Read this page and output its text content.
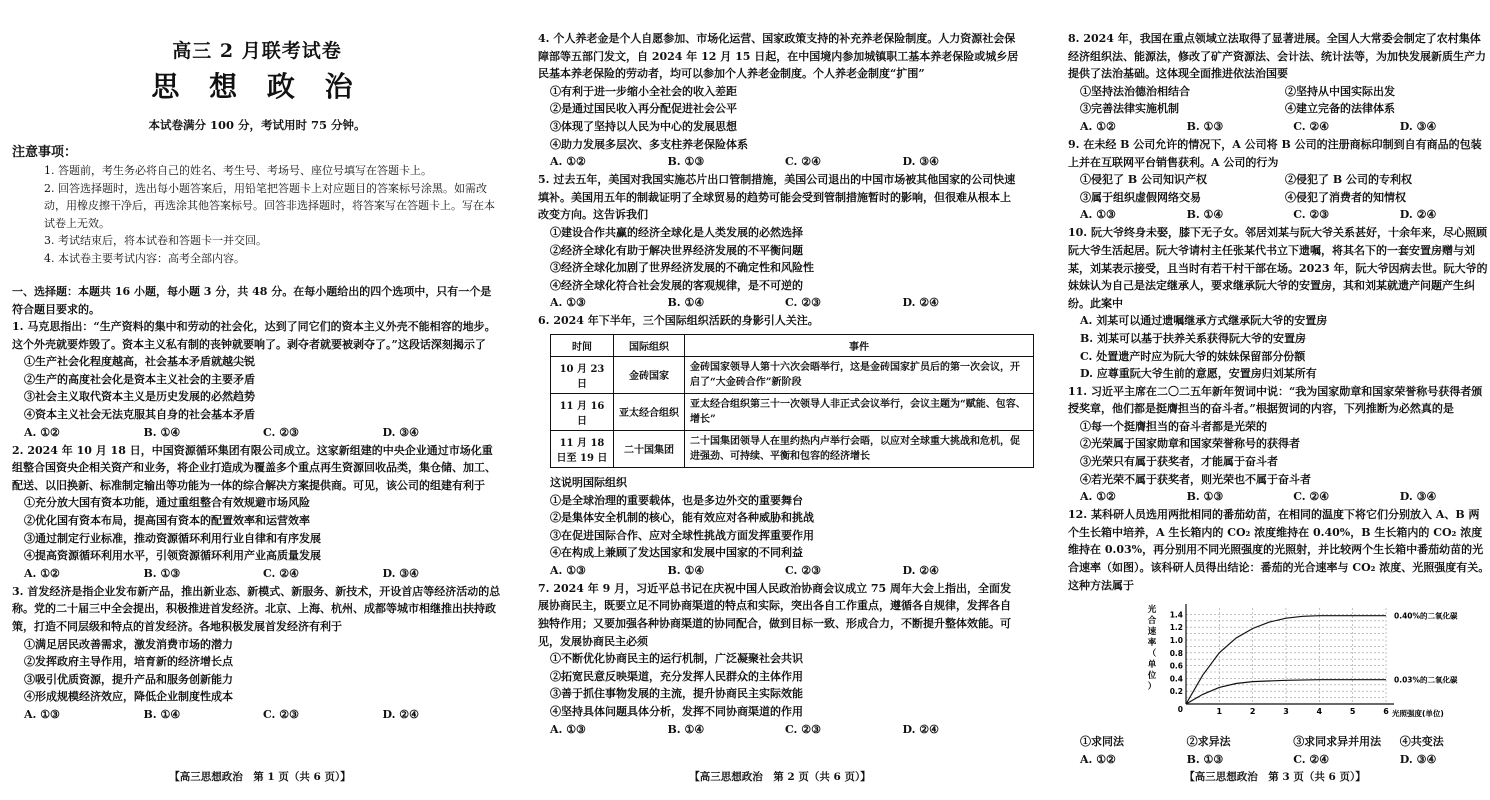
高三 2 月联考试卷
思 想 政 治
本试卷满分 100 分，考试用时 75 分钟。
注意事项：
1. 答题前，考生务必将自己的姓名、考生号、考场号、座位号填写在答题卡上。
2. 回答选择题时，选出每小题答案后，用铅笔把答题卡上对应题目的答案标号涂黑。如需改动，用橡皮擦干净后，再选涂其他答案标号。回答非选择题时，将答案写在答题卡上。写在本试卷上无效。
3. 考试结束后，将本试卷和答题卡一并交回。
4. 本试卷主要考试内容：高考全部内容。
一、选择题：本题共 16 小题，每小题 3 分，共 48 分。在每小题给出的四个选项中，只有一个是符合题目要求的。
1. 马克思指出：“生产资料的集中和劳动的社会化，达到了同它们的资本主义外壳不能相容的地步。这个外壳就要炸毁了。资本主义私有制的丧钟就要响了。剥夺者就要被剥夺了。”这段话深刻揭示了
①生产社会化程度越高，社会基本矛盾就越尖锐
②生产的高度社会化是资本主义社会的主要矛盾
③社会主义取代资本主义是历史发展的必然趋势
④资本主义社会无法克服其自身的社会基本矛盾
A. ①②	B. ①④	C. ②③	D. ③④
2. 2024 年 10 月 18 日，中国资源循环集团有限公司成立。这家新组建的中央企业通过市场化重组整合国资央企相关资产和业务，将企业打造成为覆盖多个重点再生资源回收品类，集仓储、加工、配送、以旧换新、标准制定输出等功能为一体的综合解决方案提供商。可见，该公司的组建有利于
①充分放大国有资本功能，通过重组整合有效规避市场风险
②优化国有资本布局，提高国有资本的配置效率和运营效率
③通过制定行业标准，推动资源循环利用行业自律和有序发展
④提高资源循环利用水平，引领资源循环利用产业高质量发展
A. ①②	B. ①③	C. ②④	D. ③④
3. 首发经济是指企业发布新产品，推出新业态、新模式、新服务、新技术，开设首店等经济活动的总称。党的二十届三中全会提出，积极推进首发经济。北京、上海、杭州、成都等城市相继推出扶持政策，打造不同层级和特点的首发经济。各地积极发展首发经济有利于
①满足居民改善需求，激发消费市场的潜力
②发挥政府主导作用，培育新的经济增长点
③吸引优质资源，提升产品和服务创新能力
④形成规模经济效应，降低企业制度性成本
A. ①③	B. ①④	C. ②③	D. ②④
【高三思想政治　第 1 页（共 6 页）】
4. 个人养老金是个人自愿参加、市场化运营、国家政策支持的补充养老保险制度。人力资源社会保障部等五部门发文，自 2024 年 12 月 15 日起，在中国境内参加城镇职工基本养老保险或城乡居民基本养老保险的劳动者，均可以参加个人养老金制度。个人养老金制度“扩围”
①有利于进一步缩小全社会的收入差距
②是通过国民收入再分配促进社会公平
③体现了坚持以人民为中心的发展思想
④助力发展多层次、多支柱养老保险体系
A. ①②	B. ①③	C. ②④	D. ③④
5. 过去五年，美国对我国实施芯片出口管制措施，美国公司退出的中国市场被其他国家的公司快速填补。美国用五年的制裁证明了全球贸易的趋势可能会受到管制措施暂时的影响，但很难从根本上改变方向。这告诉我们
①建设合作共赢的经济全球化是人类发展的必然选择
②经济全球化有助于解决世界经济发展的不平衡问题
③经济全球化加剧了世界经济发展的不确定性和风险性
④经济全球化符合社会发展的客观规律，是不可逆的
A. ①③	B. ①④	C. ②③	D. ②④
6. 2024 年下半年，三个国际组织活跃的身影引人关注。
时间	国际组织	事件
10 月 23 日	金砖国家	金砖国家领导人第十六次会晤举行，这是金砖国家扩员后的第一次会议，开启了“大金砖合作”新阶段
11 月 16 日	亚太经合组织	亚太经合组织第三十一次领导人非正式会议举行，会议主题为“赋能、包容、增长”
11 月 18 日至 19 日	二十国集团	二十国集团领导人在里约热内卢举行会晤，以应对全球重大挑战和危机，促进强劲、可持续、平衡和包容的经济增长
这说明国际组织
①是全球治理的重要载体，也是多边外交的重要舞台
②是集体安全机制的核心，能有效应对各种威胁和挑战
③在促进国际合作、应对全球性挑战方面发挥重要作用
④在构成上兼顾了发达国家和发展中国家的不同利益
A. ①③	B. ①④	C. ②③	D. ②④
7. 2024 年 9 月，习近平总书记在庆祝中国人民政治协商会议成立 75 周年大会上指出，全面发展协商民主，既要立足不同协商渠道的特点和实际，突出各自工作重点，遵循各自规律，发挥各自独特作用；又要加强各种协商渠道的协同配合，做到目标一致、形成合力，不断提升整体效能。可见，发展协商民主必须
①不断优化协商民主的运行机制，广泛凝聚社会共识
②拓宽民意反映渠道，充分发挥人民群众的主体作用
③善于抓住事物发展的主流，提升协商民主实际效能
④坚持具体问题具体分析，发挥不同协商渠道的作用
A. ①③	B. ①④	C. ②③	D. ②④
【高三思想政治　第 2 页（共 6 页）】
8. 2024 年，我国在重点领域立法取得了显著进展。全国人大常委会制定了农村集体经济组织法、能源法，修改了矿产资源法、会计法、统计法等，为加快发展新质生产力提供了法治基础。这体现全面推进依法治国要
①坚持法治德治相结合	②坚持从中国实际出发
③完善法律实施机制	④建立完备的法律体系
A. ①②	B. ①③	C. ②④	D. ③④
9. 在未经 B 公司允许的情况下，A 公司将 B 公司的注册商标印制到自有商品的包装上并在互联网平台销售获利。A 公司的行为
①侵犯了 B 公司知识产权	②侵犯了 B 公司的专利权
③属于组织虚假网络交易	④侵犯了消费者的知情权
A. ①③	B. ①④	C. ②③	D. ②④
10. 阮大爷终身未娶，膝下无子女。邻居刘某与阮大爷关系甚好，十余年来，尽心照顾阮大爷生活起居。阮大爷请村主任张某代书立下遗嘱，将其名下的一套安置房赠与刘某，刘某表示接受，且当时有若干村干部在场。2023 年，阮大爷因病去世。阮大爷的妹妹认为自己是法定继承人，要求继承阮大爷的安置房，其和刘某就遗产问题产生纠纷。此案中
A. 刘某可以通过遗嘱继承方式继承阮大爷的安置房
B. 刘某可以基于扶养关系获得阮大爷的安置房
C. 处置遗产时应为阮大爷的妹妹保留部分份额
D. 应尊重阮大爷生前的意愿，安置房归刘某所有
11. 习近平主席在二〇二五年新年贺词中说：“我为国家勋章和国家荣誉称号获得者颁授奖章，他们都是挺膺担当的奋斗者。”根据贺词的内容，下列推断为必然真的是
①每一个挺膺担当的奋斗者都是光荣的
②光荣属于国家勋章和国家荣誉称号的获得者
③光荣只有属于获奖者，才能属于奋斗者
④若光荣不属于获奖者，则光荣也不属于奋斗者
A. ①②	B. ①③	C. ②④	D. ③④
12. 某科研人员选用两批相同的番茄幼苗，在相同的温度下将它们分别放入 A、B 两个生长箱中培养，A 生长箱内的 CO₂ 浓度维持在 0.40%，B 生长箱内的 CO₂ 浓度维持在 0.03%，再分别用不同光照强度的光照射，并比较两个生长箱中番茄幼苗的光合速率（如图）。该科研人员得出结论：番茄的光合速率与 CO₂ 浓度、光照强度有关。这种方法属于
1	2	3	4	5	6
0.2
0.4
0.6
0.8
1.0
1.2
1.4
0
光
合
速
率
（
单
位
）
光照强度(单位)
0.40%的二氧化碳
0.03%的二氧化碳
①求同法	②求异法	③求同求异并用法	④共变法
A. ①②	B. ①③	C. ②④	D. ③④
【高三思想政治　第 3 页（共 6 页）】
